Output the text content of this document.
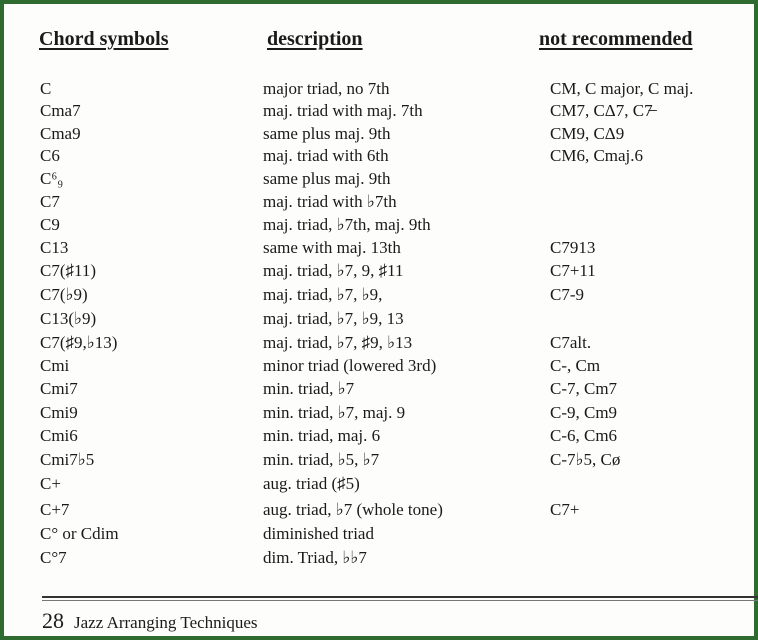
Chord symbols	description	not recommended
C	major triad, no 7th	CM, C major, C maj.
Cma7	maj. triad with maj. 7th	CM7, CΔ7, C7̶
Cma9	same plus maj. 9th	CM9, CΔ9
C6	maj. triad with 6th	CM6, Cmaj.6
C⁶₉	same plus maj. 9th
C7	maj. triad with ♭7th
C9	maj. triad, ♭7th, maj. 9th
C13	same with maj. 13th	C7913
C7(♯11)	maj. triad, ♭7, 9, ♯11	C7+11
C7(♭9)	maj. triad, ♭7, ♭9,	C7-9
C13(♭9)	maj. triad, ♭7, ♭9, 13
C7(♯9,♭13)	maj. triad, ♭7, ♯9, ♭13	C7alt.
Cmi	minor triad (lowered 3rd)	C-, Cm
Cmi7	min. triad, ♭7	C-7, Cm7
Cmi9	min. triad, ♭7, maj. 9	C-9, Cm9
Cmi6	min. triad, maj. 6	C-6, Cm6
Cmi7♭5	min. triad, ♭5, ♭7	C-7♭5, Cø
C+	aug. triad (♯5)
C+7	aug. triad, ♭7 (whole tone)	C7+
C° or Cdim	diminished triad
C°7	dim. Triad, ♭♭7
28 Jazz Arranging Techniques
